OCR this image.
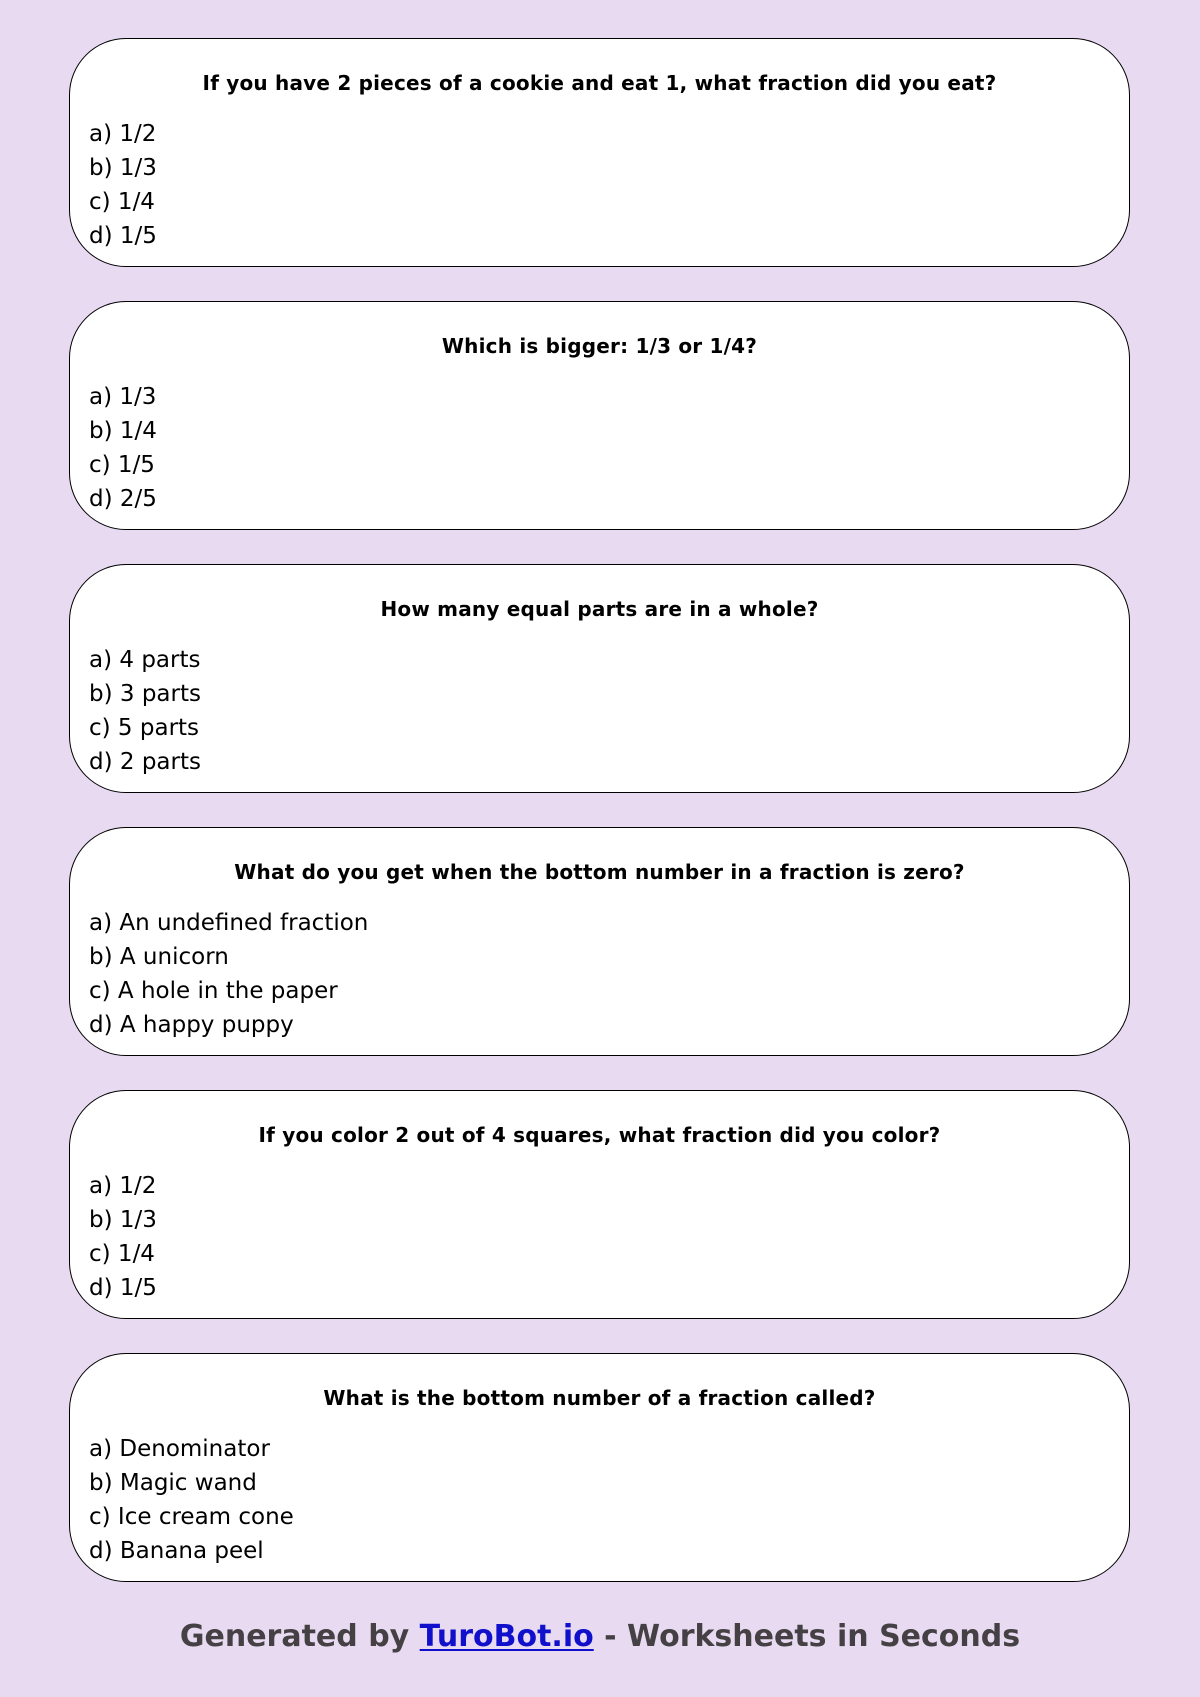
If you have 2 pieces of a cookie and eat 1, what fraction did you eat?
a) 1/2
b) 1/3
c) 1/4
d) 1/5
Which is bigger: 1/3 or 1/4?
a) 1/3
b) 1/4
c) 1/5
d) 2/5
How many equal parts are in a whole?
a) 4 parts
b) 3 parts
c) 5 parts
d) 2 parts
What do you get when the bottom number in a fraction is zero?
a) An undefined fraction
b) A unicorn
c) A hole in the paper
d) A happy puppy
If you color 2 out of 4 squares, what fraction did you color?
a) 1/2
b) 1/3
c) 1/4
d) 1/5
What is the bottom number of a fraction called?
a) Denominator
b) Magic wand
c) Ice cream cone
d) Banana peel
Generated by TuroBot.io - Worksheets in Seconds
